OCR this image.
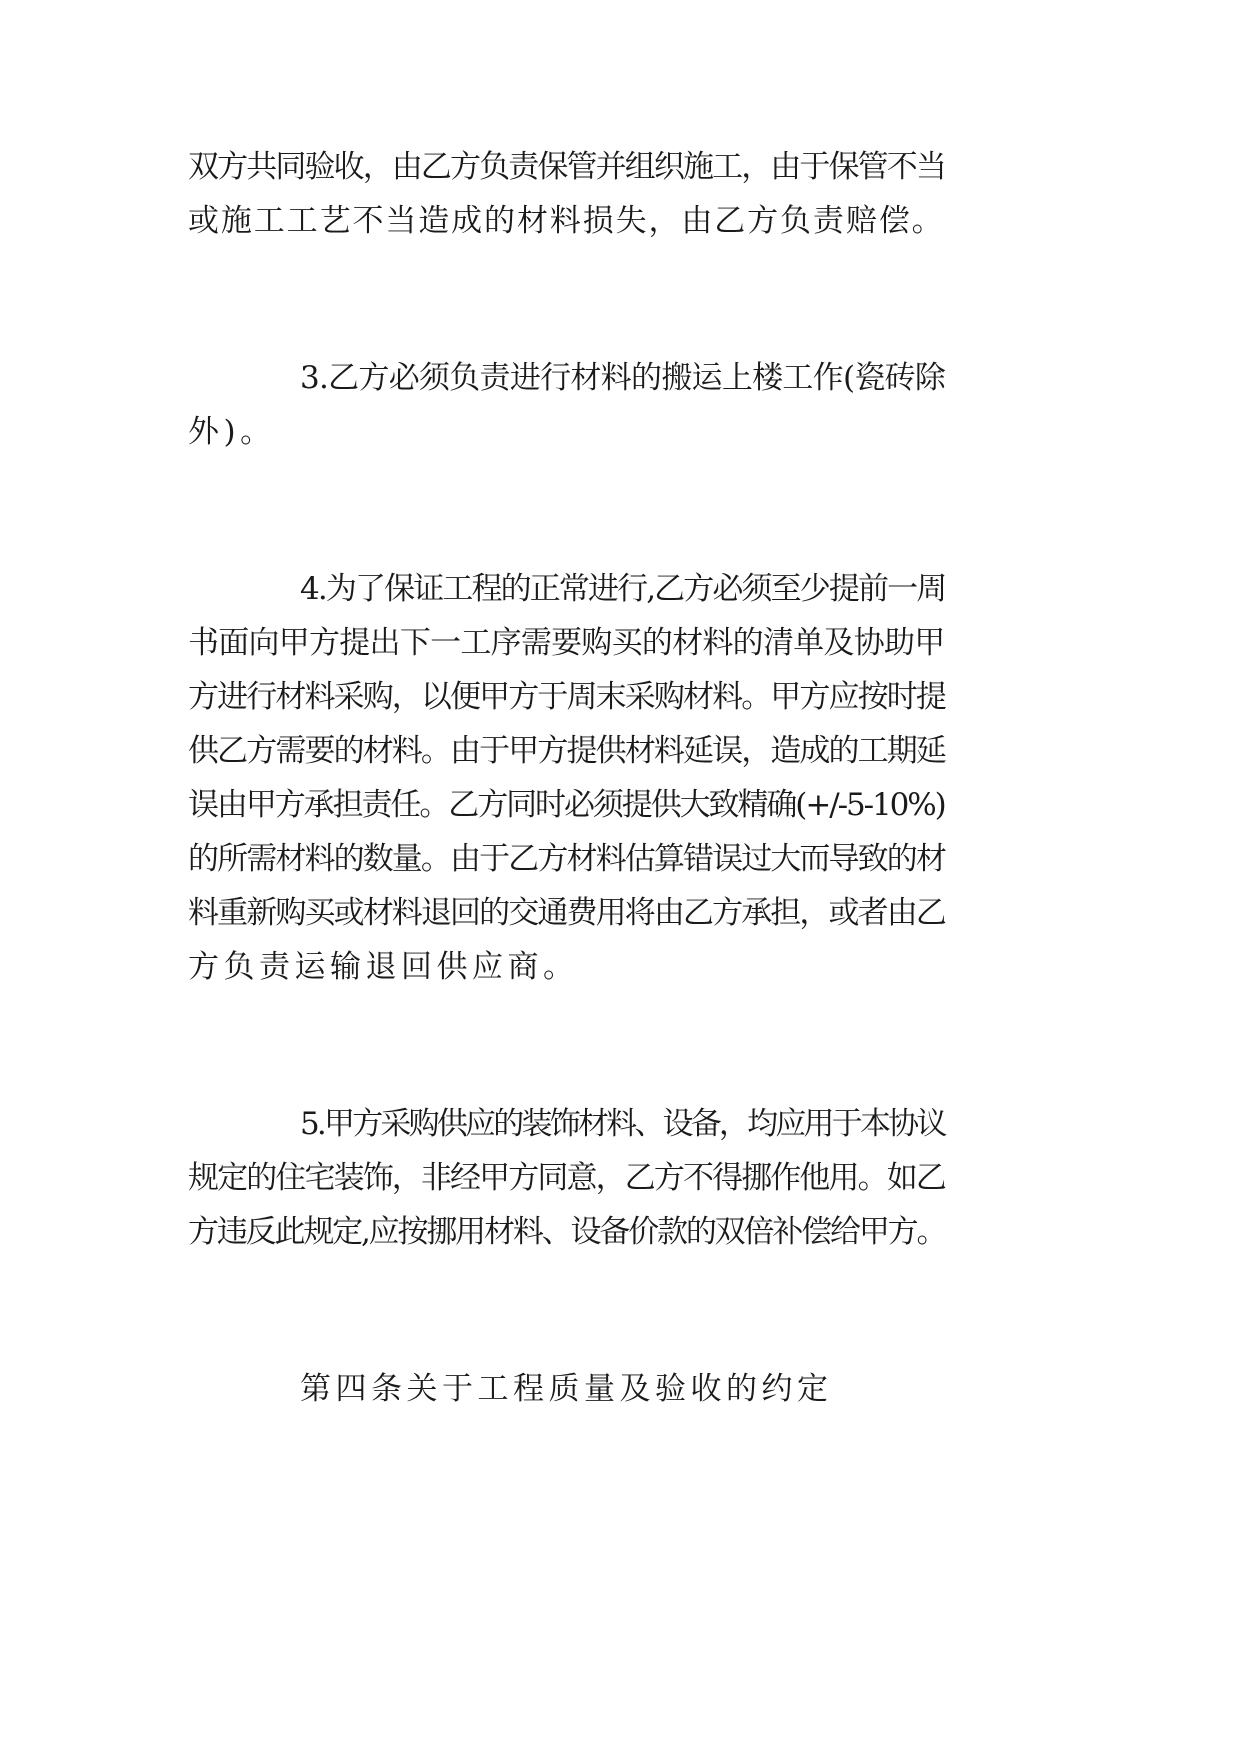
双方共同验收，由乙方负责保管并组织施工，由于保管不当
或施工工艺不当造成的材料损失，由乙方负责赔偿。
3.乙方必须负责进行材料的搬运上楼工作(瓷砖除
外)。
4.为了保证工程的正常进行,乙方必须至少提前一周
书面向甲方提出下一工序需要购买的材料的清单及协助甲
方进行材料采购，以便甲方于周末采购材料。甲方应按时提
供乙方需要的材料。由于甲方提供材料延误，造成的工期延
误由甲方承担责任。乙方同时必须提供大致精确(+/-5-10%)
的所需材料的数量。由于乙方材料估算错误过大而导致的材
料重新购买或材料退回的交通费用将由乙方承担，或者由乙
方负责运输退回供应商。
5.甲方采购供应的装饰材料、设备，均应用于本协议
规定的住宅装饰，非经甲方同意，乙方不得挪作他用。如乙
方违反此规定,应按挪用材料、设备价款的双倍补偿给甲方。
第四条关于工程质量及验收的约定
